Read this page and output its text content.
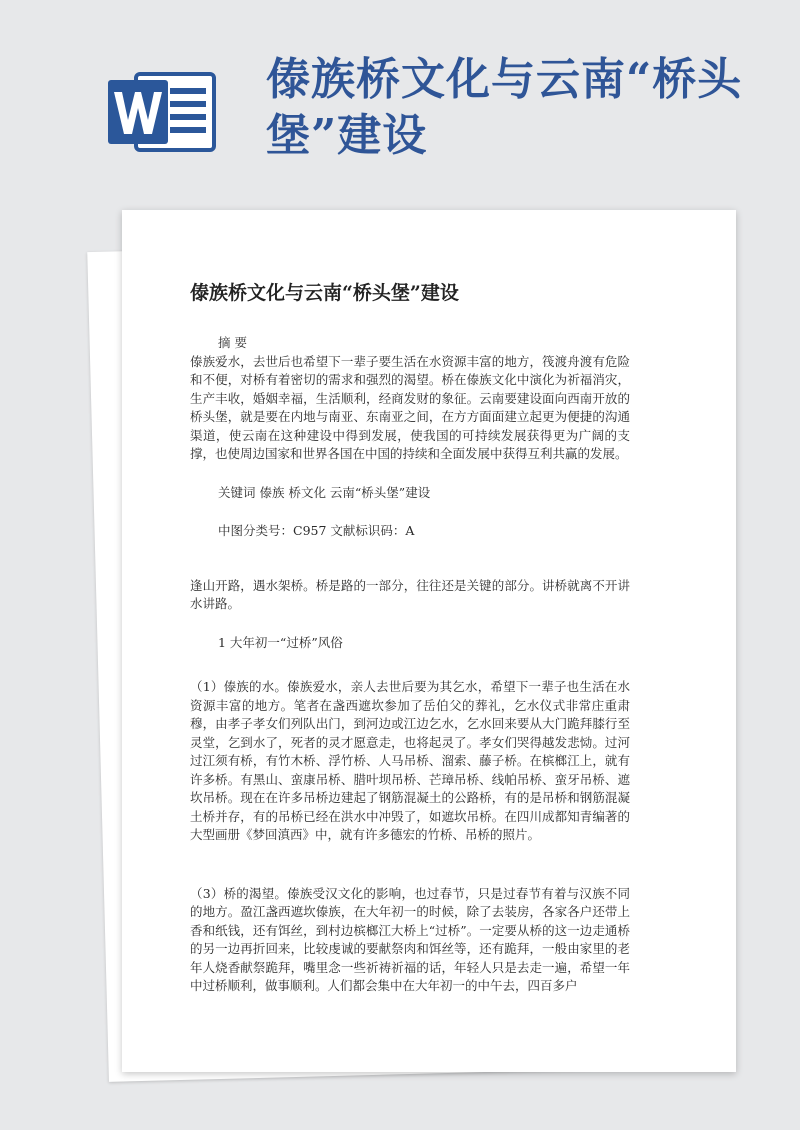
傣族桥文化与云南“桥头堡”建设
傣族桥文化与云南“桥头堡”建设

摘 要

傣族爱水，去世后也希望下一辈子要生活在水资源丰富的地方，筏渡舟渡有危险和不便，对桥有着密切的需求和强烈的渴望。桥在傣族文化中演化为祈福消灾，生产丰收，婚姻幸福，生活顺利，经商发财的象征。云南要建设面向西南开放的桥头堡，就是要在内地与南亚、东南亚之间，在方方面面建立起更为便捷的沟通渠道，使云南在这种建设中得到发展，使我国的可持续发展获得更为广阔的支撑，也使周边国家和世界各国在中国的持续和全面发展中获得互利共赢的发展。

关键词 傣族 桥文化 云南“桥头堡”建设

中图分类号：C957 文献标识码：A

逢山开路，遇水架桥。桥是路的一部分，往往还是关键的部分。讲桥就离不开讲水讲路。

1 大年初一“过桥”风俗

（1）傣族的水。傣族爱水，亲人去世后要为其乞水，希望下一辈子也生活在水资源丰富的地方。笔者在盏西遮坎参加了岳伯父的葬礼，乞水仪式非常庄重肃穆，由孝子孝女们列队出门，到河边或江边乞水，乞水回来要从大门跪拜膝行至灵堂，乞到水了，死者的灵才愿意走，也将起灵了。孝女们哭得越发悲恸。过河过江须有桥，有竹木桥、浮竹桥、人马吊桥、溜索、藤子桥。在槟榔江上，就有许多桥。有黑山、蛮康吊桥、腊叶坝吊桥、芒璋吊桥、线帕吊桥、蛮牙吊桥、遮坎吊桥。现在在许多吊桥边建起了钢筋混凝土的公路桥，有的是吊桥和钢筋混凝土桥并存，有的吊桥已经在洪水中冲毁了，如遮坎吊桥。在四川成都知青编著的大型画册《梦回滇西》中，就有许多德宏的竹桥、吊桥的照片。

（3）桥的渴望。傣族受汉文化的影响，也过春节，只是过春节有着与汉族不同的地方。盈江盏西遮坎傣族，在大年初一的时候，除了去装房，各家各户还带上香和纸钱，还有饵丝，到村边槟榔江大桥上“过桥”。一定要从桥的这一边走通桥的另一边再折回来，比较虔诚的要献祭肉和饵丝等，还有跪拜，一般由家里的老年人烧香献祭跪拜，嘴里念一些祈祷祈福的话，年轻人只是去走一遍，希望一年中过桥顺利，做事顺利。人们都会集中在大年初一的中午去，四百多户
